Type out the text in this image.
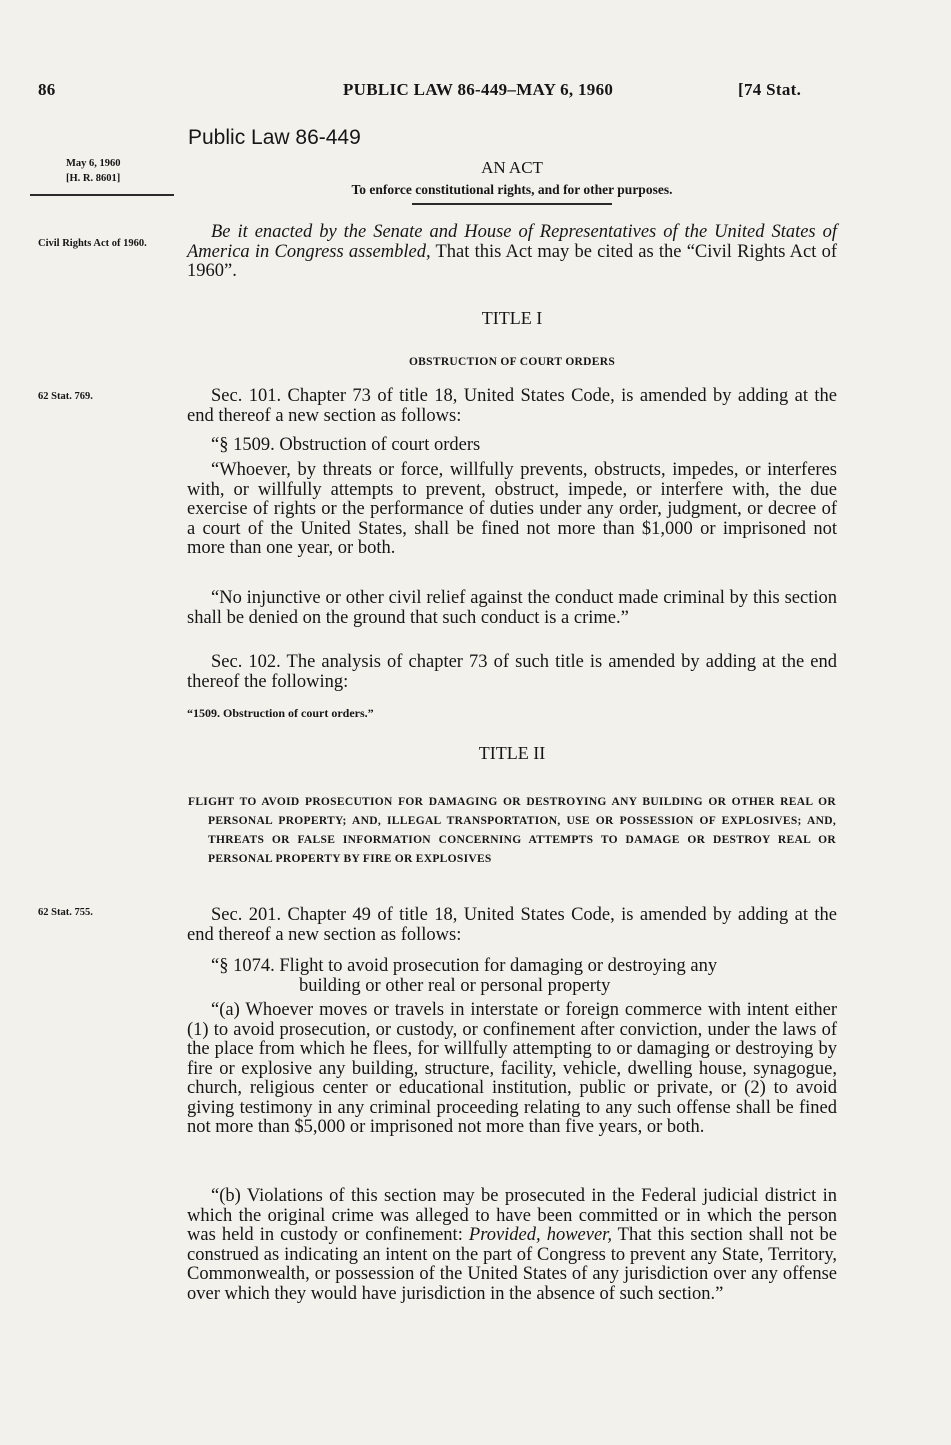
86	PUBLIC LAW 86-449–MAY 6, 1960	[74 Stat.
Public Law 86-449
May 6, 1960
[H. R. 8601]
Civil Rights Act of 1960.
62 Stat. 769.
62 Stat. 755.
AN ACT
To enforce constitutional rights, and for other purposes.

Be it enacted by the Senate and House of Representatives of the United States of America in Congress assembled, That this Act may be cited as the “Civil Rights Act of 1960”.

TITLE I
OBSTRUCTION OF COURT ORDERS

Sec. 101. Chapter 73 of title 18, United States Code, is amended by adding at the end thereof a new section as follows:

“§ 1509. Obstruction of court orders

“Whoever, by threats or force, willfully prevents, obstructs, impedes, or interferes with, or willfully attempts to prevent, obstruct, impede, or interfere with, the due exercise of rights or the performance of duties under any order, judgment, or decree of a court of the United States, shall be fined not more than $1,000 or imprisoned not more than one year, or both.

“No injunctive or other civil relief against the conduct made criminal by this section shall be denied on the ground that such conduct is a crime.”

Sec. 102. The analysis of chapter 73 of such title is amended by adding at the end thereof the following:

“1509. Obstruction of court orders.”

TITLE II

FLIGHT TO AVOID PROSECUTION FOR DAMAGING OR DESTROYING ANY BUILDING OR OTHER REAL OR PERSONAL PROPERTY; AND, ILLEGAL TRANSPORTATION, USE OR POSSESSION OF EXPLOSIVES; AND, THREATS OR FALSE INFORMATION CONCERNING ATTEMPTS TO DAMAGE OR DESTROY REAL OR PERSONAL PROPERTY BY FIRE OR EXPLOSIVES

Sec. 201. Chapter 49 of title 18, United States Code, is amended by adding at the end thereof a new section as follows:

“§ 1074. Flight to avoid prosecution for damaging or destroying any

building or other real or personal property

“(a) Whoever moves or travels in interstate or foreign commerce with intent either (1) to avoid prosecution, or custody, or confinement after conviction, under the laws of the place from which he flees, for willfully attempting to or damaging or destroying by fire or explosive any building, structure, facility, vehicle, dwelling house, synagogue, church, religious center or educational institution, public or private, or (2) to avoid giving testimony in any criminal proceeding relating to any such offense shall be fined not more than $5,000 or imprisoned not more than five years, or both.

“(b) Violations of this section may be prosecuted in the Federal judicial district in which the original crime was alleged to have been committed or in which the person was held in custody or confinement: Provided, however, That this section shall not be construed as indicating an intent on the part of Congress to prevent any State, Territory, Commonwealth, or possession of the United States of any jurisdiction over any offense over which they would have jurisdiction in the absence of such section.”
